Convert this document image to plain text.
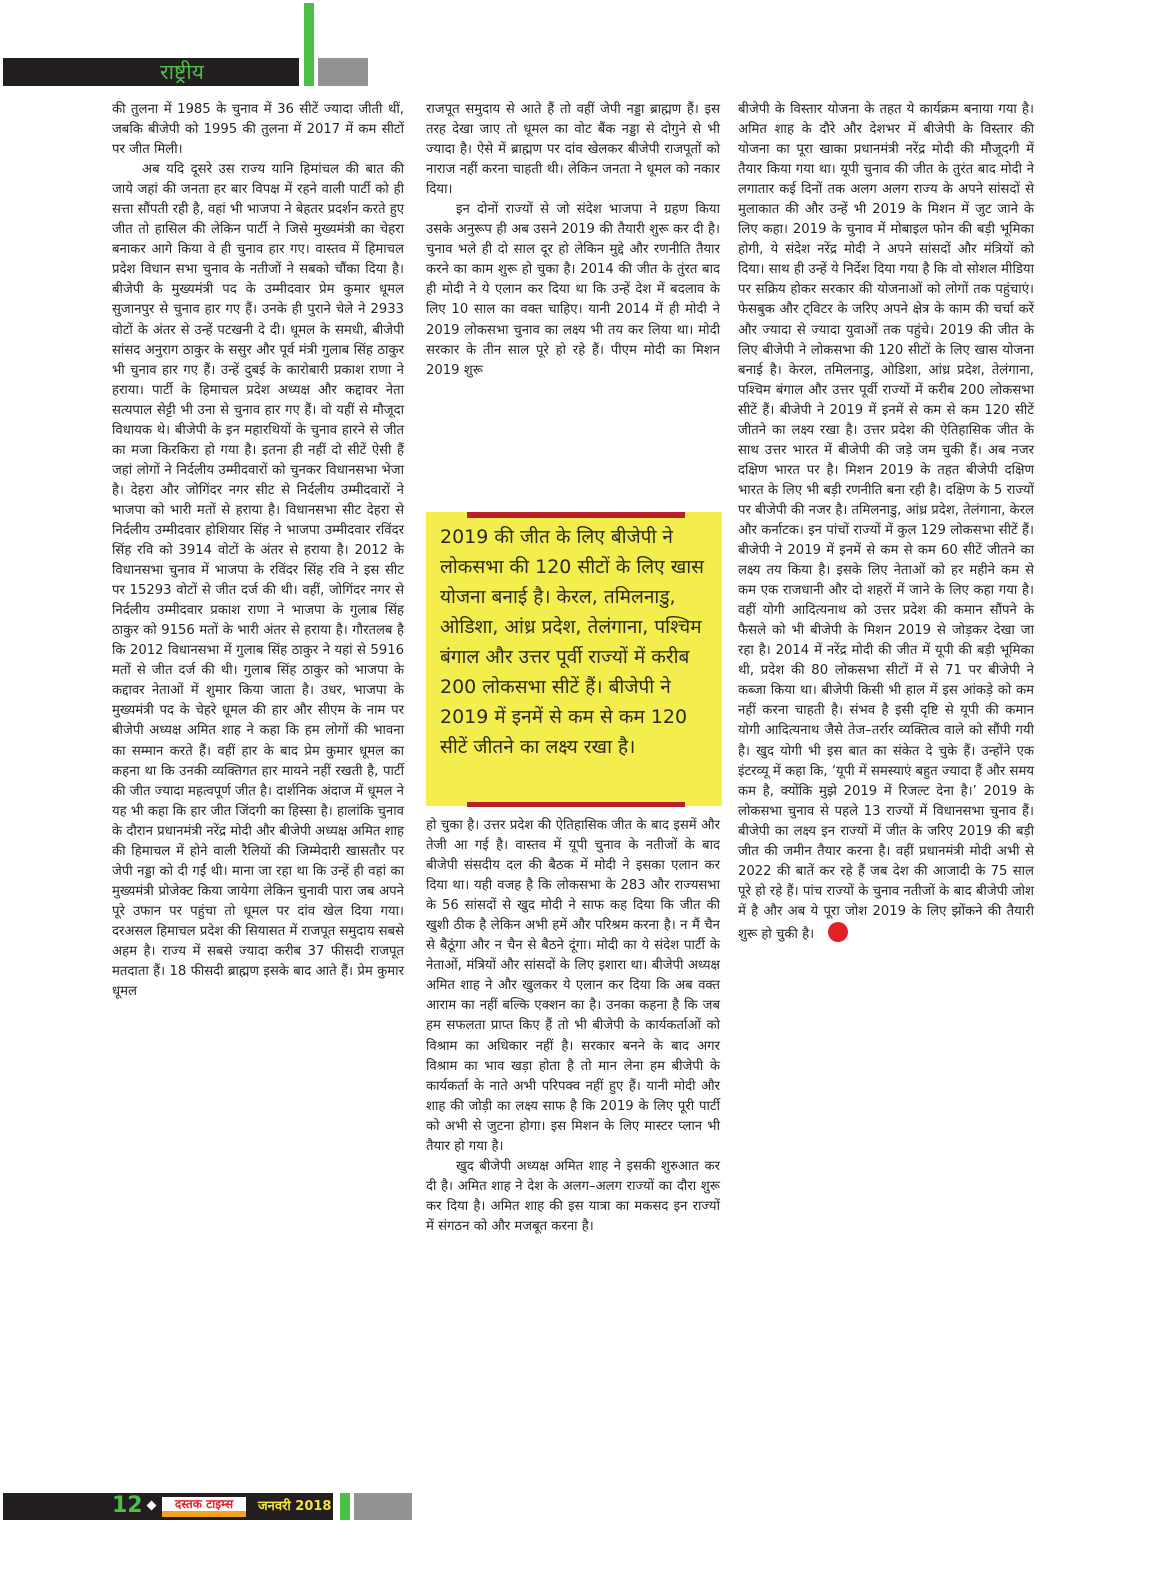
राष्ट्रीय

की तुलना में 1985 के चुनाव में 36 सीटें ज्यादा जीती थीं, जबकि बीजेपी को 1995 की तुलना में 2017 में कम सीटों पर जीत मिली।

अब यदि दूसरे उस राज्य यानि हिमांचल की बात की जाये जहां की जनता हर बार विपक्ष में रहने वाली पार्टी को ही सत्ता सौंपती रही है, वहां भी भाजपा ने बेहतर प्रदर्शन करते हुए जीत तो हासिल की लेकिन पार्टी ने जिसे मुख्यमंत्री का चेहरा बनाकर आगे किया वे ही चुनाव हार गए। वास्तव में हिमाचल प्रदेश विधान सभा चुनाव के नतीजों ने सबको चौंका दिया है। बीजेपी के मुख्यमंत्री पद के उम्मीदवार प्रेम कुमार धूमल सुजानपुर से चुनाव हार गए हैं। उनके ही पुराने चेले ने 2933 वोटों के अंतर से उन्हें पटखनी दे दी। धूमल के समधी, बीजेपी सांसद अनुराग ठाकुर के ससुर और पूर्व मंत्री गुलाब सिंह ठाकुर भी चुनाव हार गए हैं। उन्हें दुबई के कारोबारी प्रकाश राणा ने हराया। पार्टी के हिमाचल प्रदेश अध्यक्ष और कद्दावर नेता सत्यपाल सेट्टी भी उना से चुनाव हार गए हैं। वो यहीं से मौजूदा विधायक थे। बीजेपी के इन महारथियों के चुनाव हारने से जीत का मजा किरकिरा हो गया है। इतना ही नहीं दो सीटें ऐसी हैं जहां लोगों ने निर्दलीय उम्मीदवारों को चुनकर विधानसभा भेजा है। देहरा और जोगिंदर नगर सीट से निर्दलीय उम्मीदवारों ने भाजपा को भारी मतों से हराया है। विधानसभा सीट देहरा से निर्दलीय उम्मीदवार होशियार सिंह ने भाजपा उम्मीदवार रविंदर सिंह रवि को 3914 वोटों के अंतर से हराया है। 2012 के विधानसभा चुनाव में भाजपा के रविंदर सिंह रवि ने इस सीट पर 15293 वोटों से जीत दर्ज की थी। वहीं, जोगिंदर नगर से निर्दलीय उम्मीदवार प्रकाश राणा ने भाजपा के गुलाब सिंह ठाकुर को 9156 मतों के भारी अंतर से हराया है। गौरतलब है कि 2012 विधानसभा में गुलाब सिंह ठाकुर ने यहां से 5916 मतों से जीत दर्ज की थी। गुलाब सिंह ठाकुर को भाजपा के कद्दावर नेताओं में शुमार किया जाता है। उधर, भाजपा के मुख्यमंत्री पद के चेहरे धूमल की हार और सीएम के नाम पर बीजेपी अध्यक्ष अमित शाह ने कहा कि हम लोगों की भावना का सम्मान करते हैं। वहीं हार के बाद प्रेम कुमार धूमल का कहना था कि उनकी व्यक्तिगत हार मायने नहीं रखती है, पार्टी की जीत ज्यादा महत्वपूर्ण जीत है। दार्शनिक अंदाज में धूमल ने यह भी कहा कि हार जीत जिंदगी का हिस्सा है। हालांकि चुनाव के दौरान प्रधानमंत्री नरेंद्र मोदी और बीजेपी अध्यक्ष अमित शाह की हिमाचल में होने वाली रैलियों की जिम्मेदारी खासतौर पर जेपी नड्डा को दी गईं थी। माना जा रहा था कि उन्हें ही वहां का मुख्यमंत्री प्रोजेक्ट किया जायेगा लेकिन चुनावी पारा जब अपने पूरे उफान पर पहुंचा तो धूमल पर दांव खेल दिया गया। दरअसल हिमाचल प्रदेश की सियासत में राजपूत समुदाय सबसे अहम है। राज्य में सबसे ज्यादा करीब 37 फीसदी राजपूत मतदाता हैं। 18 फीसदी ब्राह्मण इसके बाद आते हैं। प्रेम कुमार धूमल

राजपूत समुदाय से आते हैं तो वहीं जेपी नड्डा ब्राह्मण हैं। इस तरह देखा जाए तो धूमल का वोट बैंक नड्डा से दोगुने से भी ज्यादा है। ऐसे में ब्राह्मण पर दांव खेलकर बीजेपी राजपूतों को नाराज नहीं करना चाहती थी। लेकिन जनता ने धूमल को नकार दिया।

इन दोनों राज्यों से जो संदेश भाजपा ने ग्रहण किया उसके अनुरूप ही अब उसने 2019 की तैयारी शुरू कर दी है। चुनाव भले ही दो साल दूर हो लेकिन मुद्दे और रणनीति तैयार करने का काम शुरू हो चुका है। 2014 की जीत के तुंरत बाद ही मोदी ने ये एलान कर दिया था कि उन्हें देश में बदलाव के लिए 10 साल का वक्त चाहिए। यानी 2014 में ही मोदी ने 2019 लोकसभा चुनाव का लक्ष्य भी तय कर लिया था। मोदी सरकार के तीन साल पूरे हो रहे हैं। पीएम मोदी का मिशन 2019 शुरू

2019 की जीत के लिए बीजेपी ने लोकसभा की 120 सीटों के लिए खास योजना बनाई है। केरल, तमिलनाडु, ओडिशा, आंध्र प्रदेश, तेलंगाना, पश्चिम बंगाल और उत्तर पूर्वी राज्यों में करीब 200 लोकसभा सीटें हैं। बीजेपी ने 2019 में इनमें से कम से कम 120 सीटें जीतने का लक्ष्य रखा है।

हो चुका है। उत्तर प्रदेश की ऐतिहासिक जीत के बाद इसमें और तेजी आ गई है। वास्तव में यूपी चुनाव के नतीजों के बाद बीजेपी संसदीय दल की बैठक में मोदी ने इसका एलान कर दिया था। यही वजह है कि लोकसभा के 283 और राज्यसभा के 56 सांसदों से खुद मोदी ने साफ कह दिया कि जीत की खुशी ठीक है लेकिन अभी हमें और परिश्रम करना है। न मैं चैन से बैठूंगा और न चैन से बैठने दूंगा। मोदी का ये संदेश पार्टी के नेताओं, मंत्रियों और सांसदों के लिए इशारा था। बीजेपी अध्यक्ष अमित शाह ने और खुलकर ये एलान कर दिया कि अब वक्त आराम का नहीं बल्कि एक्शन का है। उनका कहना है कि जब हम सफलता प्राप्त किए हैं तो भी बीजेपी के कार्यकर्ताओं को विश्राम का अधिकार नहीं है। सरकार बनने के बाद अगर विश्राम का भाव खड़ा होता है तो मान लेना हम बीजेपी के कार्यकर्ता के नाते अभी परिपक्व नहीं हुए हैं। यानी मोदी और शाह की जोड़ी का लक्ष्य साफ है कि 2019 के लिए पूरी पार्टी को अभी से जुटना होगा। इस मिशन के लिए मास्टर प्लान भी तैयार हो गया है।

खुद बीजेपी अध्यक्ष अमित शाह ने इसकी शुरुआत कर दी है। अमित शाह ने देश के अलग–अलग राज्यों का दौरा शुरू कर दिया है। अमित शाह की इस यात्रा का मकसद इन राज्यों में संगठन को और मजबूत करना है।

बीजेपी के विस्तार योजना के तहत ये कार्यक्रम बनाया गया है। अमित शाह के दौरे और देशभर में बीजेपी के विस्तार की योजना का पूरा खाका प्रधानमंत्री नरेंद्र मोदी की मौजूदगी में तैयार किया गया था। यूपी चुनाव की जीत के तुरंत बाद मोदी ने लगातार कई दिनों तक अलग अलग राज्य के अपने सांसदों से मुलाकात की और उन्हें भी 2019 के मिशन में जुट जाने के लिए कहा। 2019 के चुनाव में मोबाइल फोन की बड़ी भूमिका होगी, ये संदेश नरेंद्र मोदी ने अपने सांसदों और मंत्रियों को दिया। साथ ही उन्हें ये निर्देश दिया गया है कि वो सोशल मीडिया पर सक्रिय होकर सरकार की योजनाओं को लोगों तक पहुंचाएं। फेसबुक और ट्विटर के जरिए अपने क्षेत्र के काम की चर्चा करें और ज्यादा से ज्यादा युवाओं तक पहुंचे। 2019 की जीत के लिए बीजेपी ने लोकसभा की 120 सीटों के लिए खास योजना बनाई है। केरल, तमिलनाडु, ओडिशा, आंध्र प्रदेश, तेलंगाना, पश्चिम बंगाल और उत्तर पूर्वी राज्यों में करीब 200 लोकसभा सीटें हैं। बीजेपी ने 2019 में इनमें से कम से कम 120 सीटें जीतने का लक्ष्य रखा है। उत्तर प्रदेश की ऐतिहासिक जीत के साथ उत्तर भारत में बीजेपी की जड़े जम चुकी हैं। अब नजर दक्षिण भारत पर है। मिशन 2019 के तहत बीजेपी दक्षिण भारत के लिए भी बड़ी रणनीति बना रही है। दक्षिण के 5 राज्यों पर बीजेपी की नजर है। तमिलनाडु, आंध्र प्रदेश, तेलंगाना, केरल और कर्नाटक। इन पांचों राज्यों में कुल 129 लोकसभा सीटें हैं। बीजेपी ने 2019 में इनमें से कम से कम 60 सीटें जीतने का लक्ष्य तय किया है। इसके लिए नेताओं को हर महीने कम से कम एक राजधानी और दो शहरों में जाने के लिए कहा गया है। वहीं योगी आदित्यनाथ को उत्तर प्रदेश की कमान सौंपने के फैसले को भी बीजेपी के मिशन 2019 से जोड़कर देखा जा रहा है। 2014 में नरेंद्र मोदी की जीत में यूपी की बड़ी भूमिका थी, प्रदेश की 80 लोकसभा सीटों में से 71 पर बीजेपी ने कब्जा किया था। बीजेपी किसी भी हाल में इस आंकड़े को कम नहीं करना चाहती है। संभव है इसी दृष्टि से यूपी की कमान योगी आदित्यनाथ जैसे तेज–तर्रार व्यक्तित्व वाले को सौंपी गयी है। खुद योगी भी इस बात का संकेत दे चुके हैं। उन्होंने एक इंटरव्यू में कहा कि, ‘यूपी में समस्याएं बहुत ज्यादा हैं और समय कम है, क्योंकि मुझे 2019 में रिजल्ट देना है।’ 2019 के लोकसभा चुनाव से पहले 13 राज्यों में विधानसभा चुनाव हैं। बीजेपी का लक्ष्य इन राज्यों में जीत के जरिए 2019 की बड़ी जीत की जमीन तैयार करना है। वहीं प्रधानमंत्री मोदी अभी से 2022 की बातें कर रहे हैं जब देश की आजादी के 75 साल पूरे हो रहे हैं। पांच राज्यों के चुनाव नतीजों के बाद बीजेपी जोश में है और अब ये पूरा जोश 2019 के लिए झोंकने की तैयारी शुरू हो चुकी है।

12	दस्तक टाइम्स	जनवरी 2018
